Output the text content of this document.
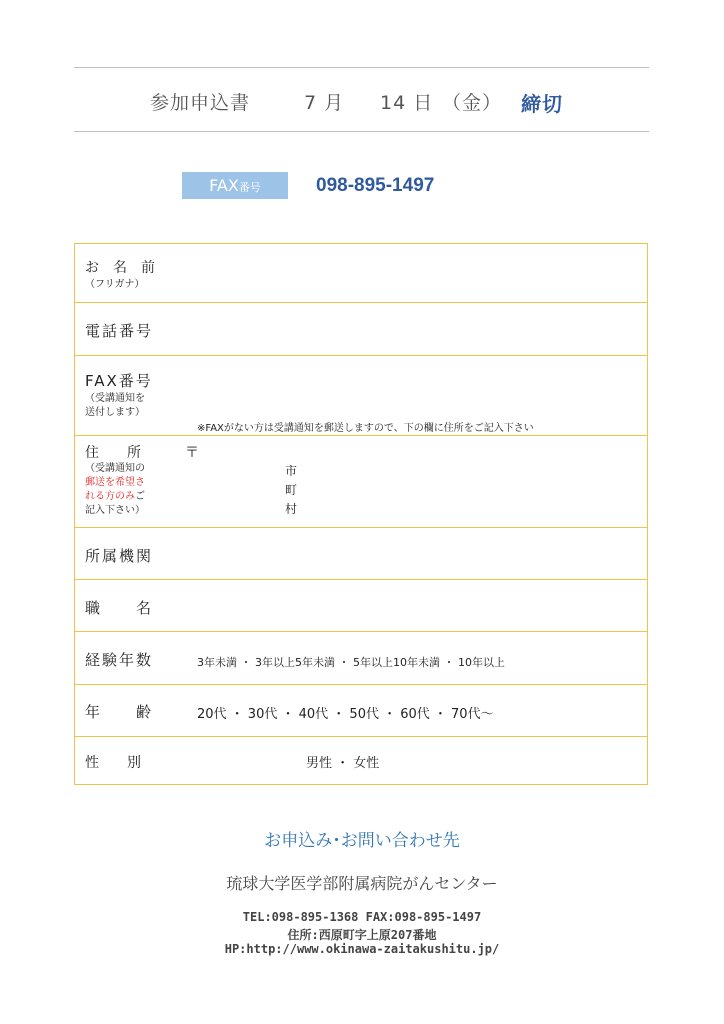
参加申込書	7 月 14 日 （金） 締切
FAX番号	098-895-1497
お　名　前
（フリガナ）
電話番号
FAX番号
（受講通知を
送付します）
※FAXがない方は受講通知を郵送しますので、下の欄に住所をご記入下さい
住　　所	〒
（受講通知の
郵送を希望さ
れる方のみご
記入下さい）
市
町
村
所属機関
職　　名
経験年数	3年未満 ・ 3年以上5年未満 ・ 5年以上10年未満 ・ 10年以上
年　　齢	20代 ・ 30代 ・ 40代 ・ 50代 ・ 60代 ・ 70代～
性　　別	男性 ・ 女性
お申込み･お問い合わせ先
琉球大学医学部附属病院がんセンター
TEL:098-895-1368 FAX:098-895-1497
住所:西原町字上原207番地
HP:http://www.okinawa-zaitakushitu.jp/
